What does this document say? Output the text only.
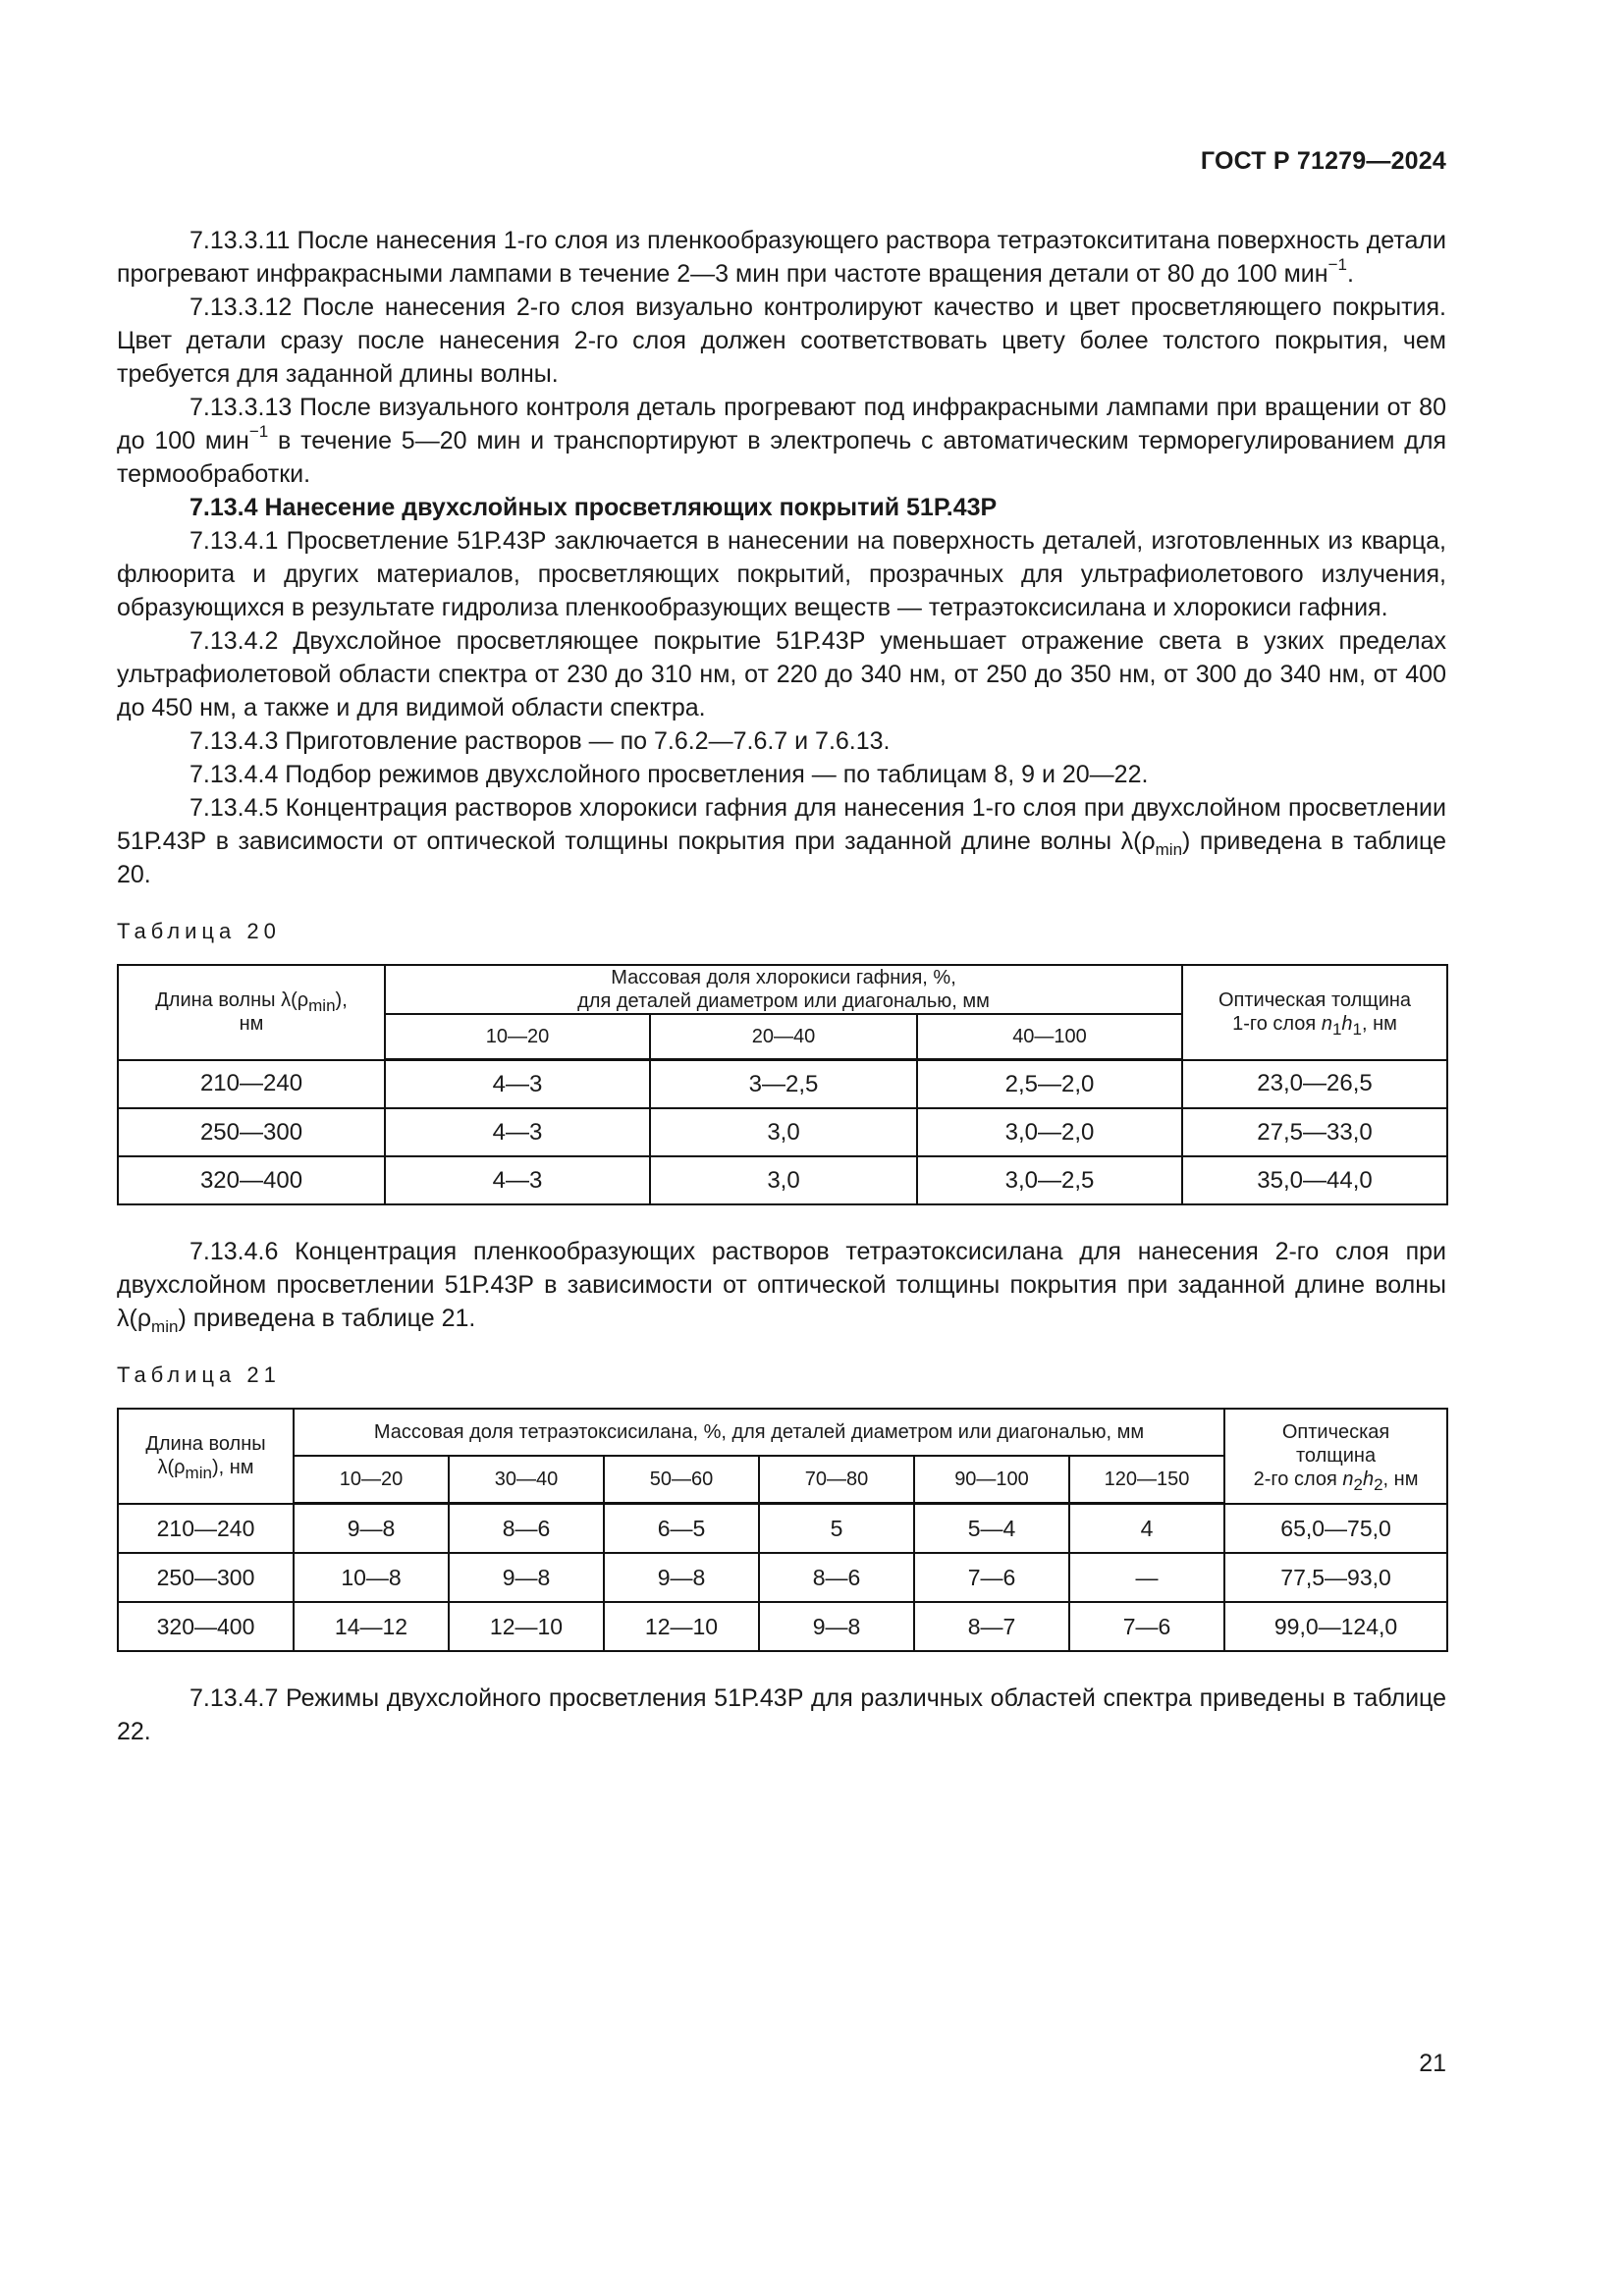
ГОСТ Р 71279—2024

7.13.3.11 После нанесения 1-го слоя из пленкообразующего раствора тетраэтоксититана поверхность детали прогревают инфракрасными лампами в течение 2—3 мин при частоте вращения детали от 80 до 100 мин$^{-1}$.

7.13.3.12 После нанесения 2-го слоя визуально контролируют качество и цвет просветляющего покрытия. Цвет детали сразу после нанесения 2-го слоя должен соответствовать цвету более толстого покрытия, чем требуется для заданной длины волны.

7.13.3.13 После визуального контроля деталь прогревают под инфракрасными лампами при вращении от 80 до 100 мин$^{-1}$ в течение 5—20 мин и транспортируют в электропечь с автоматическим терморегулированием для термообработки.

7.13.4 Нанесение двухслойных просветляющих покрытий 51Р.43Р

7.13.4.1 Просветление 51Р.43Р заключается в нанесении на поверхность деталей, изготовленных из кварца, флюорита и других материалов, просветляющих покрытий, прозрачных для ультрафиолетового излучения, образующихся в результате гидролиза пленкообразующих веществ — тетраэтоксисилана и хлорокиси гафния.

7.13.4.2 Двухслойное просветляющее покрытие 51Р.43Р уменьшает отражение света в узких пределах ультрафиолетовой области спектра от 230 до 310 нм, от 220 до 340 нм, от 250 до 350 нм, от 300 до 340 нм, от 400 до 450 нм, а также и для видимой области спектра.

7.13.4.3 Приготовление растворов — по 7.6.2—7.6.7 и 7.6.13.

7.13.4.4 Подбор режимов двухслойного просветления — по таблицам 8, 9 и 20—22.

7.13.4.5 Концентрация растворов хлорокиси гафния для нанесения 1-го слоя при двухслойном просветлении 51Р.43Р в зависимости от оптической толщины покрытия при заданной длине волны $\lambda(\rho_{min})$ приведена в таблице 20.

Таблица 20
Длина волны $\lambda(\rho_{min})$,
нм	Массовая доля хлорокиси гафния, %,
для деталей диаметром или диагональю, мм			Оптическая толщина
1-го слоя $n_1h_1$, нм
	10—20	20—40	40—100	
210—240	4—3	3—2,5	2,5—2,0	23,0—26,5
250—300	4—3	3,0	3,0—2,0	27,5—33,0
320—400	4—3	3,0	3,0—2,5	35,0—44,0

7.13.4.6 Концентрация пленкообразующих растворов тетраэтоксисилана для нанесения 2-го слоя при двухслойном просветлении 51Р.43Р в зависимости от оптической толщины покрытия при заданной длине волны $\lambda(\rho_{min})$ приведена в таблице 21.

Таблица 21
Длина волны
$\lambda(\rho_{min})$, нм	Массовая доля тетраэтоксисилана, %, для деталей диаметром или диагональю, мм						Оптическая
толщина
2-го слоя $n_2h_2$, нм
	10—20	30—40	50—60	70—80	90—100	120—150	
210—240	9—8	8—6	6—5	5	5—4	4	65,0—75,0
250—300	10—8	9—8	9—8	8—6	7—6	—	77,5—93,0
320—400	14—12	12—10	12—10	9—8	8—7	7—6	99,0—124,0

7.13.4.7 Режимы двухслойного просветления 51Р.43Р для различных областей спектра приведены в таблице 22.

21
